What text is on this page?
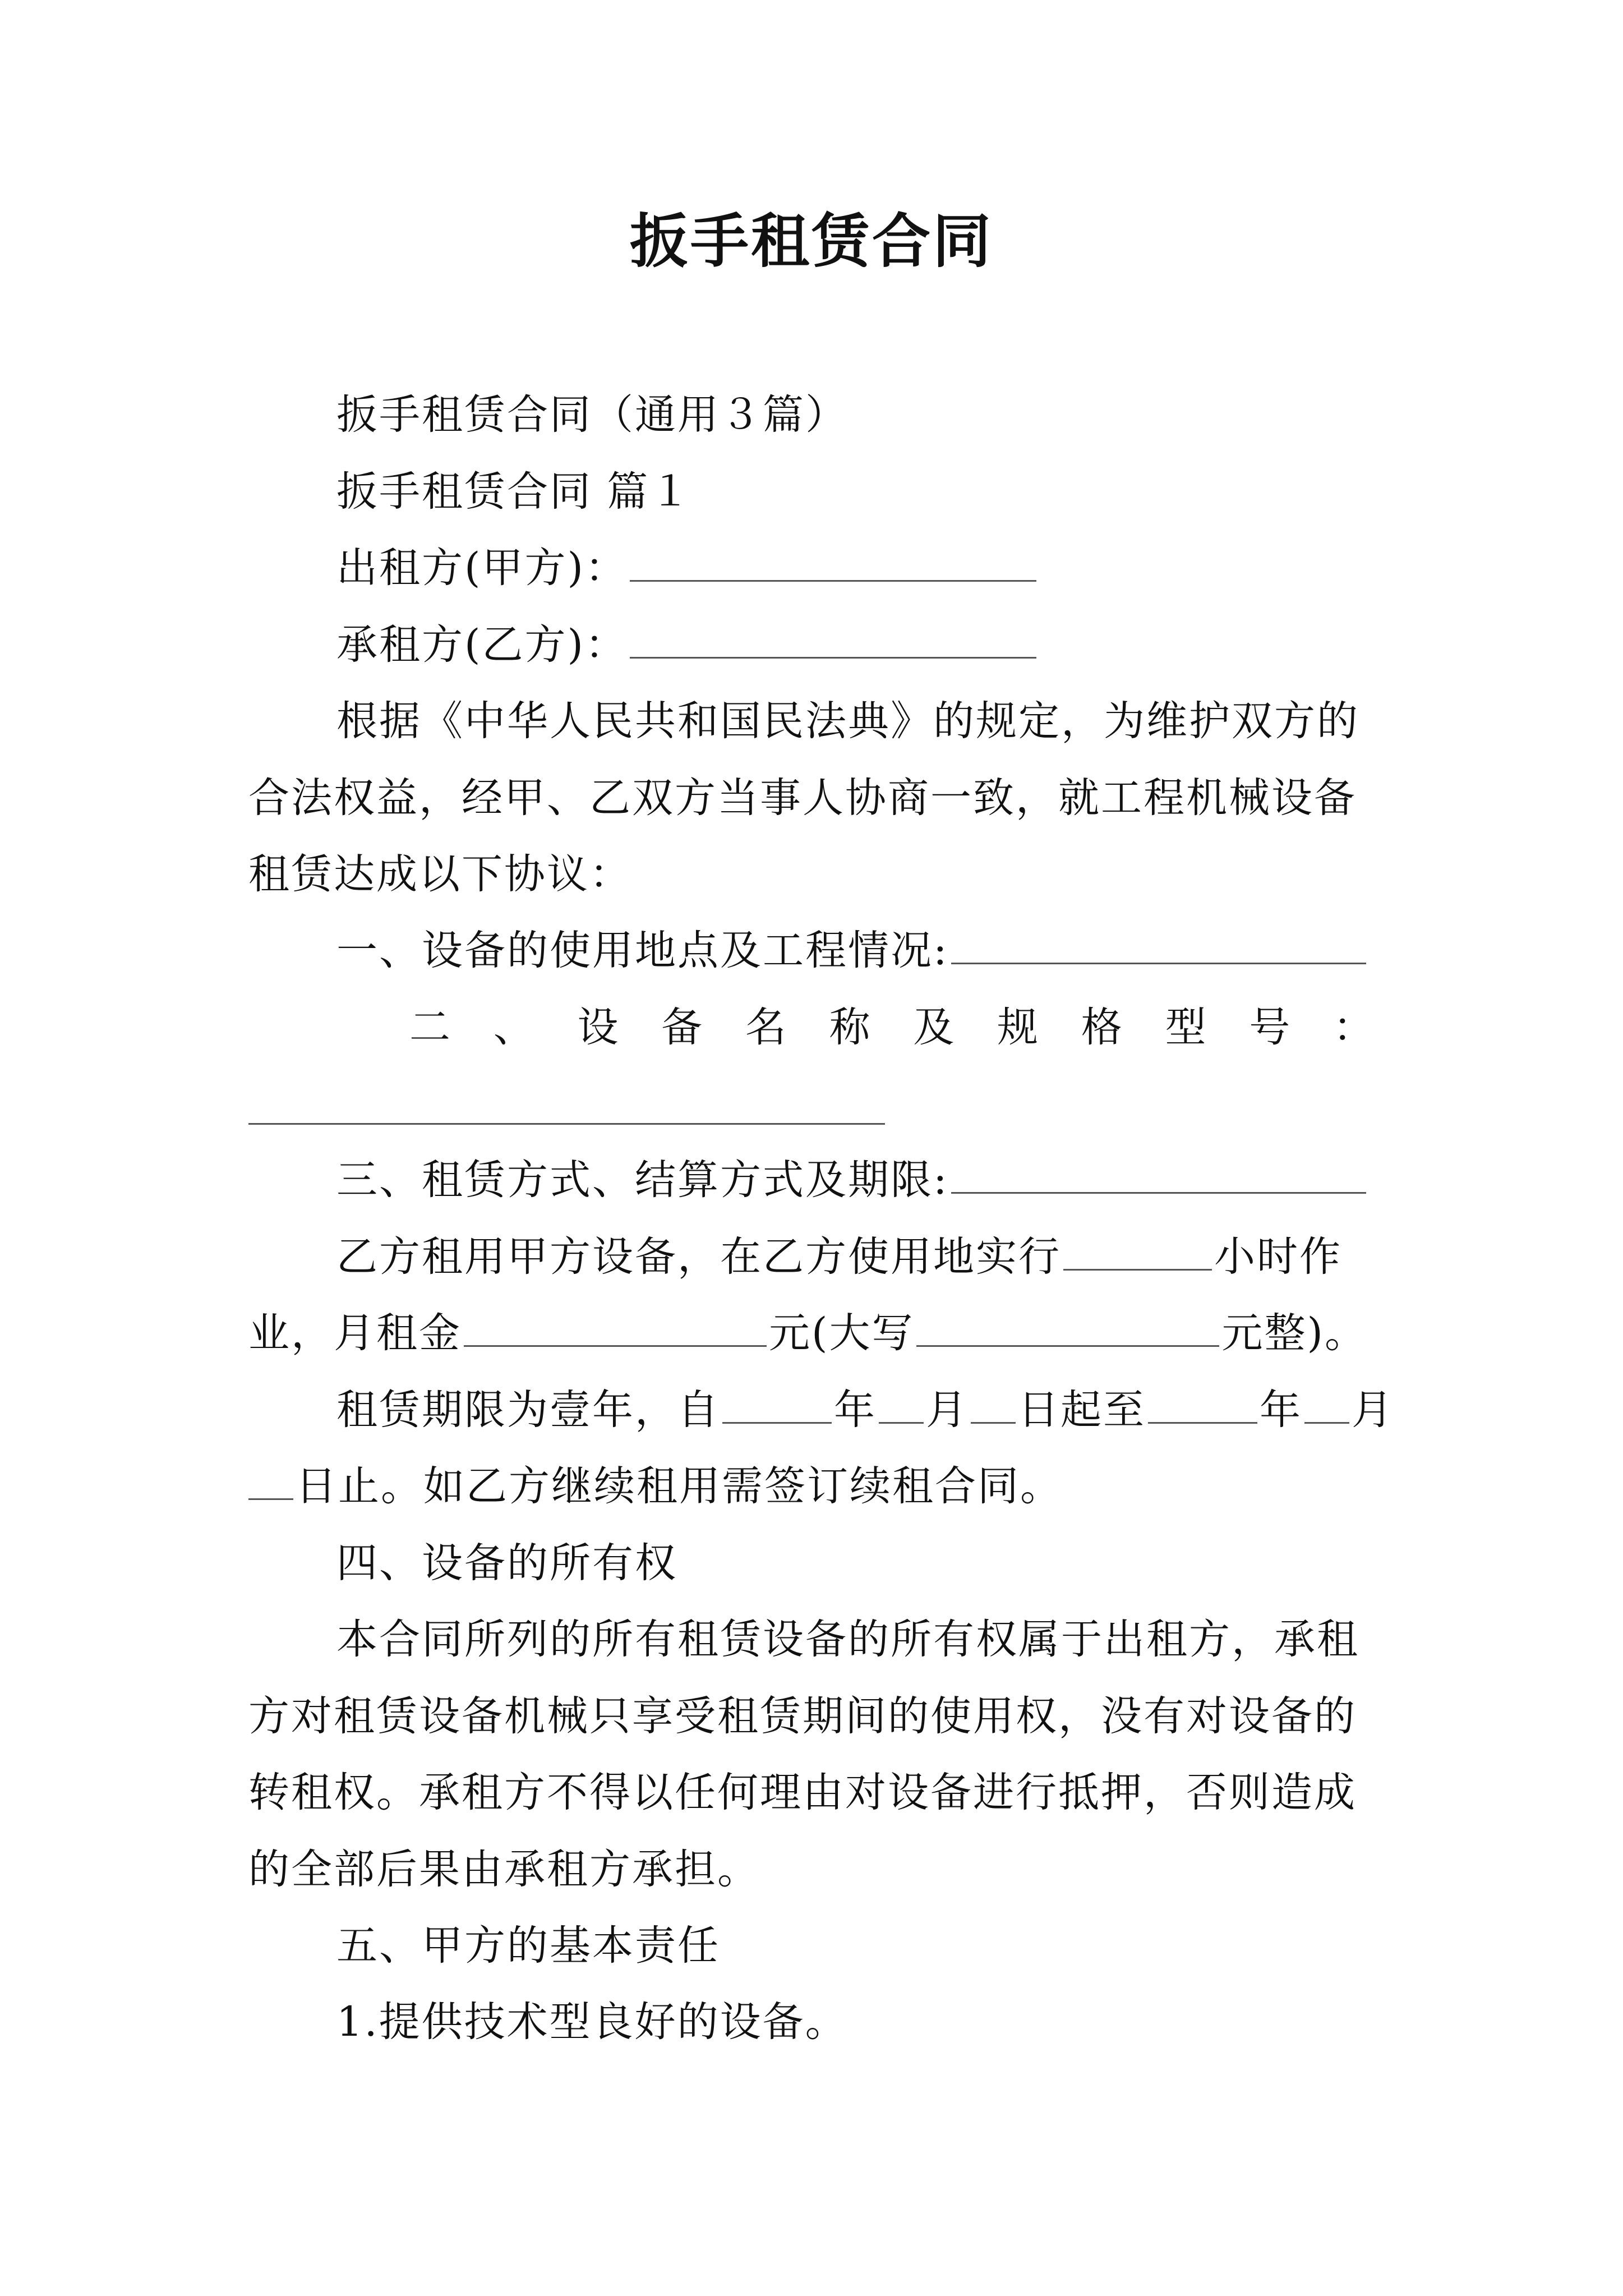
扳手租赁合同
扳手租赁合同（通用３篇）
扳手租赁合同 篇１
出租方(甲方)：
承租方(乙方)：
根据《中华人民共和国民法典》的规定，为维护双方的
合法权益，经甲、乙双方当事人协商一致，就工程机械设备
租赁达成以下协议：
一、设备的使用地点及工程情况:
二 、 设 备 名 称 及 规 格 型 号 ：
三、租赁方式、结算方式及期限:
乙方租用甲方设备，在乙方使用地实行	小时作
业，月租金	元(大写	元整)。
租赁期限为壹年，自	年 月 日起至	年 月
日止。如乙方继续租用需签订续租合同。
四、设备的所有权
本合同所列的所有租赁设备的所有权属于出租方，承租
方对租赁设备机械只享受租赁期间的使用权，没有对设备的
转租权。承租方不得以任何理由对设备进行抵押，否则造成
的全部后果由承租方承担。
五、甲方的基本责任
1.提供技术型良好的设备。
